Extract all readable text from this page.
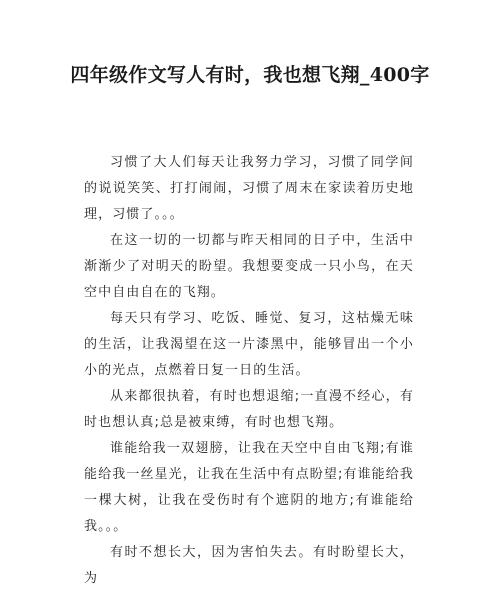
四年级作文写人有时，我也想飞翔_400字

习惯了大人们每天让我努力学习，习惯了同学间的说说笑笑、打打闹闹，习惯了周末在家读着历史地理，习惯了。。。

在这一切的一切都与昨天相同的日子中，生活中渐渐少了对明天的盼望。我想要变成一只小鸟，在天空中自由自在的飞翔。

每天只有学习、吃饭、睡觉、复习，这枯燥无味的生活，让我渴望在这一片漆黑中，能够冒出一个小小的光点，点燃着日复一日的生活。

从来都很执着，有时也想退缩;一直漫不经心，有时也想认真;总是被束缚，有时也想飞翔。

谁能给我一双翅膀，让我在天空中自由飞翔;有谁能给我一丝星光，让我在生活中有点盼望;有谁能给我一棵大树，让我在受伤时有个遮阴的地方;有谁能给我。。。

有时不想长大，因为害怕失去。有时盼望长大，为
